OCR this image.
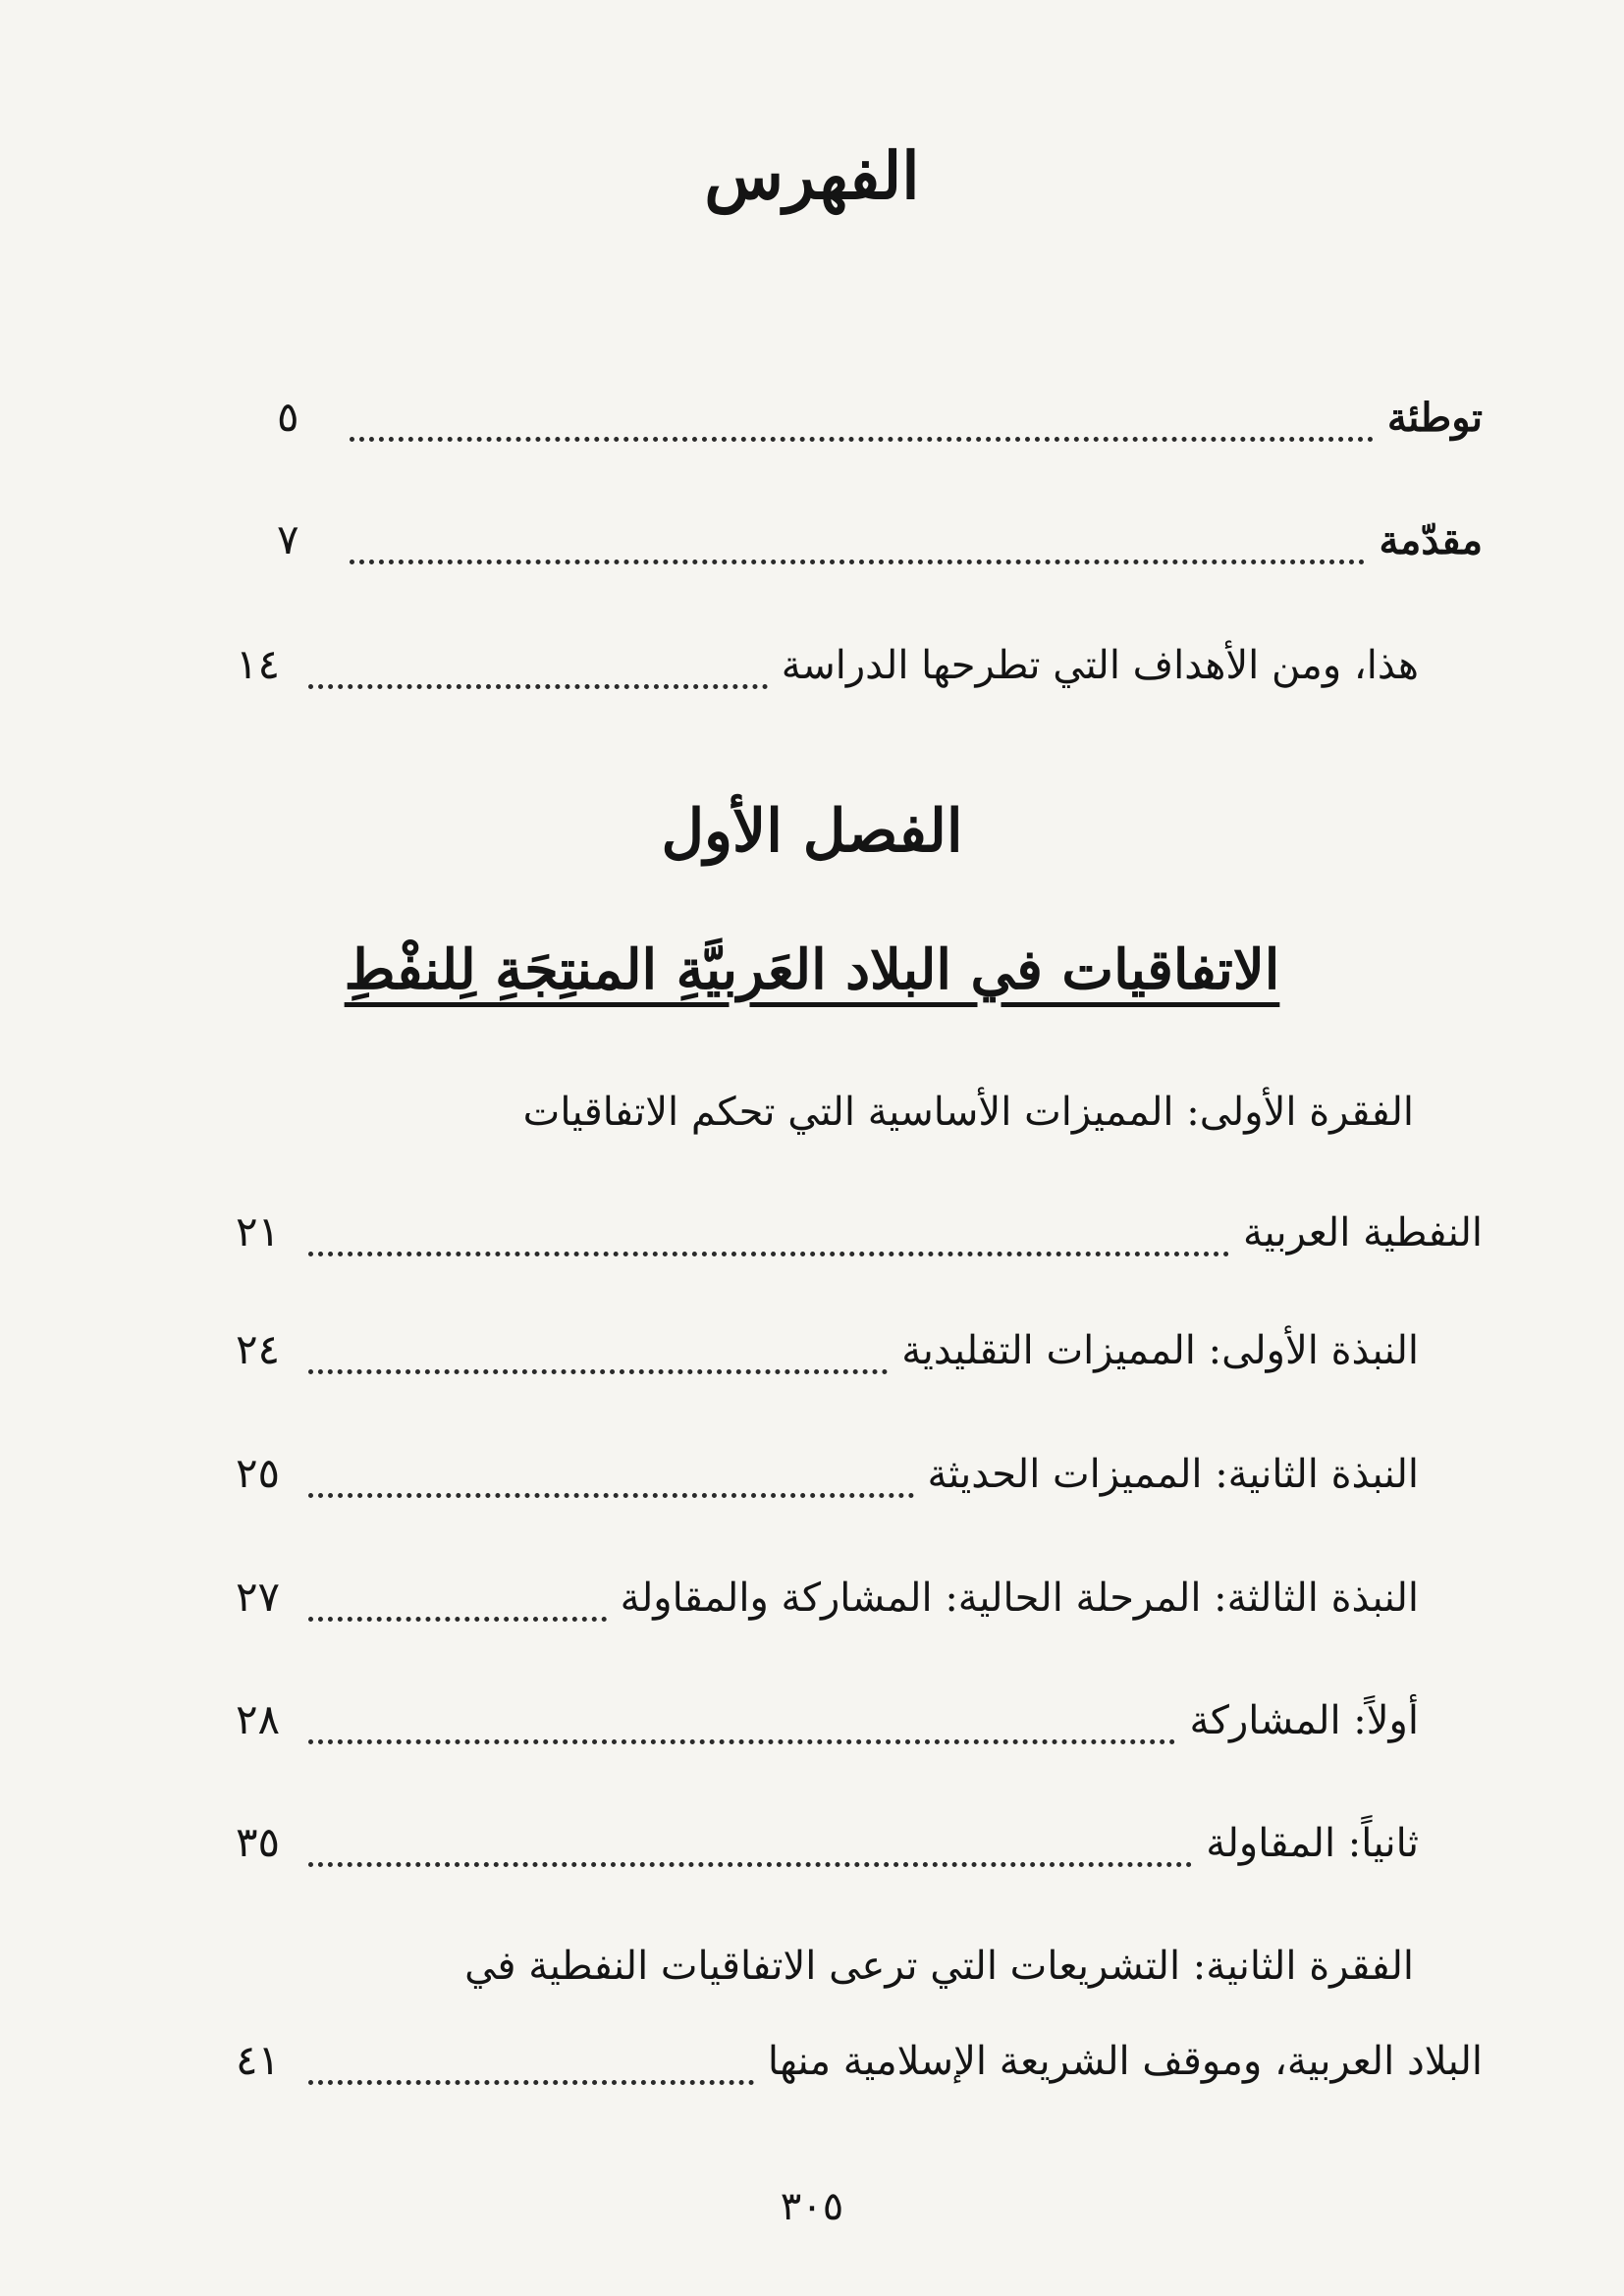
الفهرس
توطئة
٥
مقدّمة
٧
هذا، ومن الأهداف التي تطرحها الدراسة
١٤
الفصل الأول
الاتفاقيات في البلاد العَربيَّةِ المنتِجَةِ لِلنفْطِ
الفقرة الأولى: المميزات الأساسية التي تحكم الاتفاقيات
النفطية العربية
٢١
النبذة الأولى: المميزات التقليدية
٢٤
النبذة الثانية: المميزات الحديثة
٢٥
النبذة الثالثة: المرحلة الحالية: المشاركة والمقاولة
٢٧
أولاً: المشاركة
٢٨
ثانياً: المقاولة
٣٥
الفقرة الثانية: التشريعات التي ترعى الاتفاقيات النفطية في
البلاد العربية، وموقف الشريعة الإسلامية منها
٤١
٣٠٥
